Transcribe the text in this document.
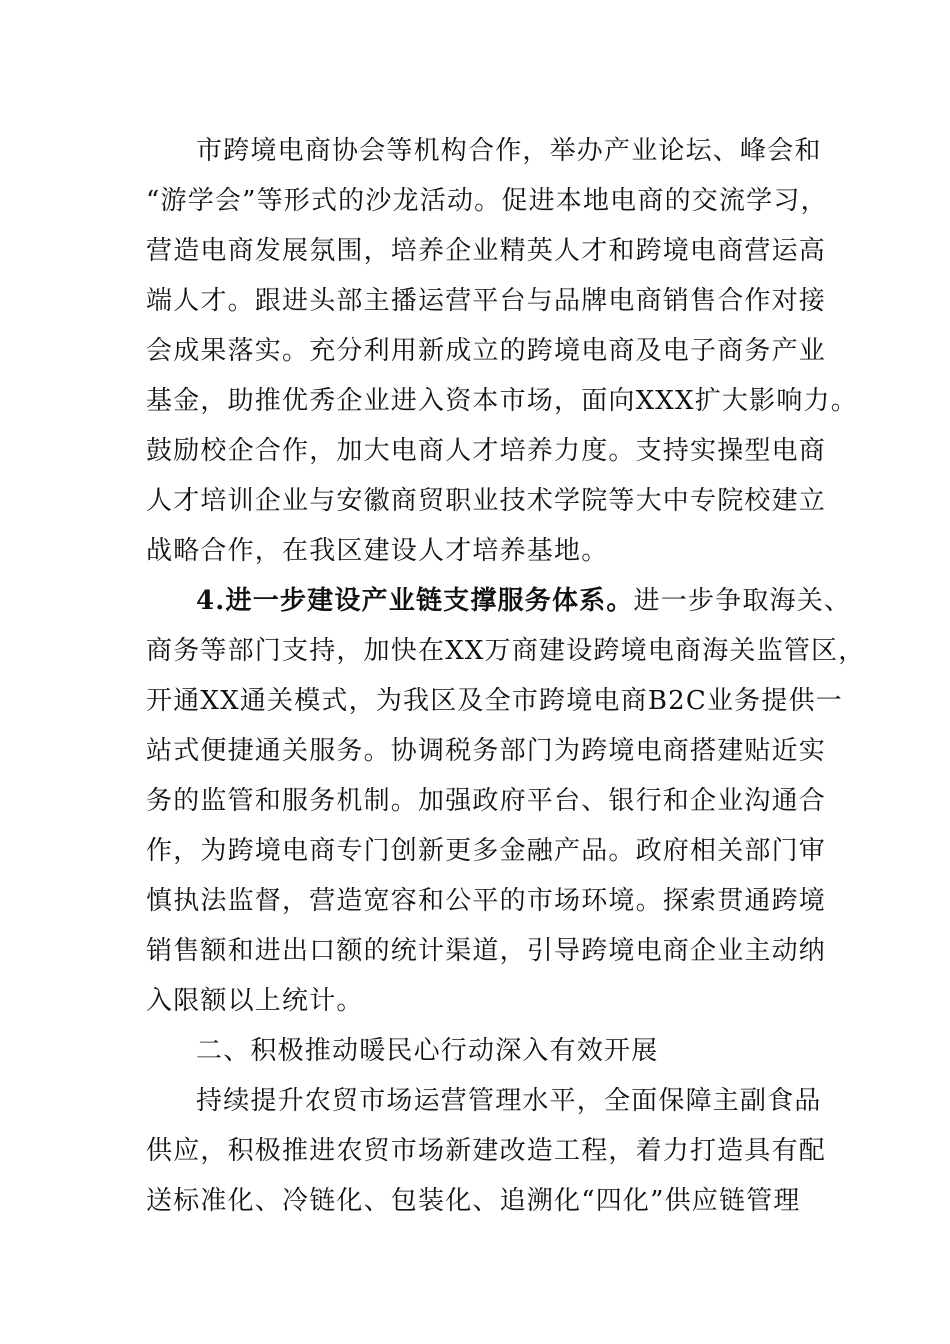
市跨境电商协会等机构合作，举办产业论坛、峰会和
“游学会”等形式的沙龙活动。促进本地电商的交流学习，
营造电商发展氛围，培养企业精英人才和跨境电商营运高
端人才。跟进头部主播运营平台与品牌电商销售合作对接
会成果落实。充分利用新成立的跨境电商及电子商务产业
基金，助推优秀企业进入资本市场，面向XXX扩大影响力。
鼓励校企合作，加大电商人才培养力度。支持实操型电商
人才培训企业与安徽商贸职业技术学院等大中专院校建立
战略合作，在我区建设人才培养基地。
4.进一步建设产业链支撑服务体系。进一步争取海关、
商务等部门支持，加快在XX万商建设跨境电商海关监管区，
开通XX通关模式，为我区及全市跨境电商B2C业务提供一
站式便捷通关服务。协调税务部门为跨境电商搭建贴近实
务的监管和服务机制。加强政府平台、银行和企业沟通合
作，为跨境电商专门创新更多金融产品。政府相关部门审
慎执法监督，营造宽容和公平的市场环境。探索贯通跨境
销售额和进出口额的统计渠道，引导跨境电商企业主动纳
入限额以上统计。
二、积极推动暖民心行动深入有效开展
持续提升农贸市场运营管理水平，全面保障主副食品
供应，积极推进农贸市场新建改造工程，着力打造具有配
送标准化、冷链化、包装化、追溯化“四化”供应链管理
